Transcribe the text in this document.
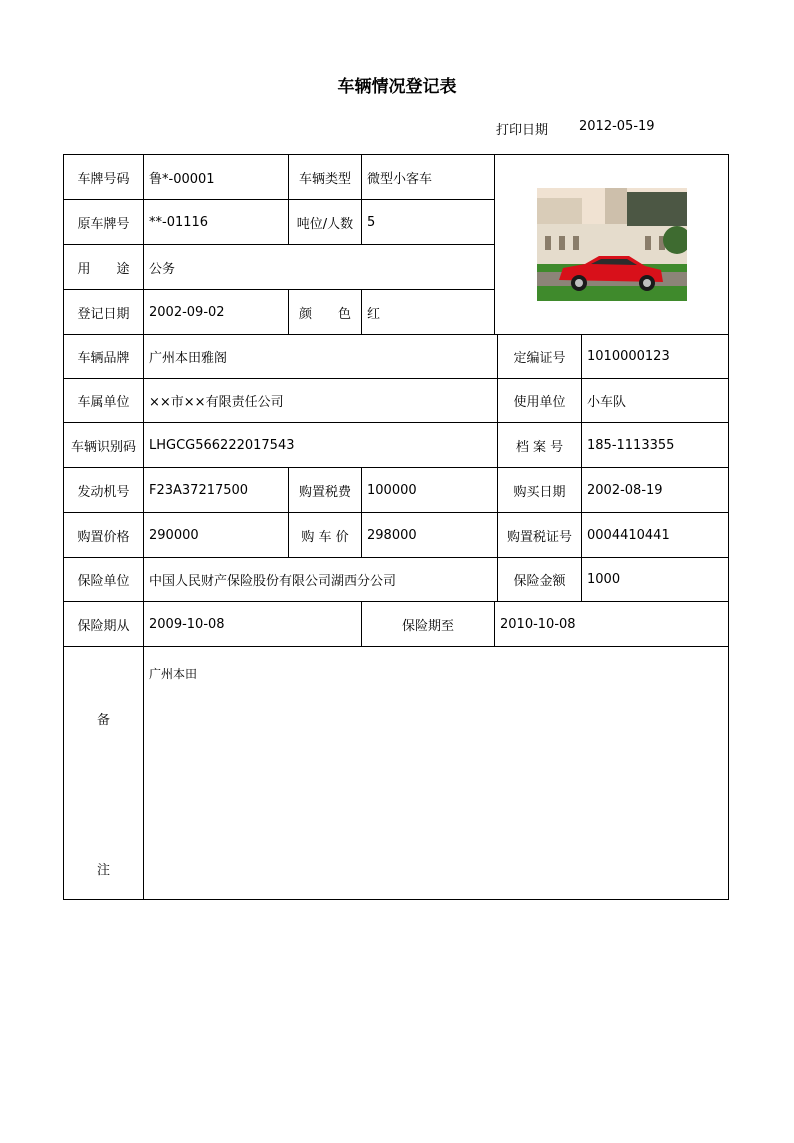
车辆情况登记表
打印日期 2012-05-19
车牌号码	鲁*-00001	车辆类型	微型小客车	

原车牌号	**-01116	吨位/人数	5			
用　　途	公务					
登记日期	2002-09-02	颜　　色	红			
车辆品牌	广州本田雅阁				定编证号	1010000123
车属单位	××市××有限责任公司				使用单位	小车队
车辆识别码	LHGCG566222017543				档 案 号	185-1113355
发动机号	F23A37217500	购置税费	100000		购买日期	2002-08-19
购置价格	290000	购 车 价	298000		购置税证号	0004410441
保险单位	中国人民财产保险股份有限公司湖西分公司				保险金额	1000
保险期从	2009-10-08		保险期至	2010-10-08		

备
注	广州本田					
